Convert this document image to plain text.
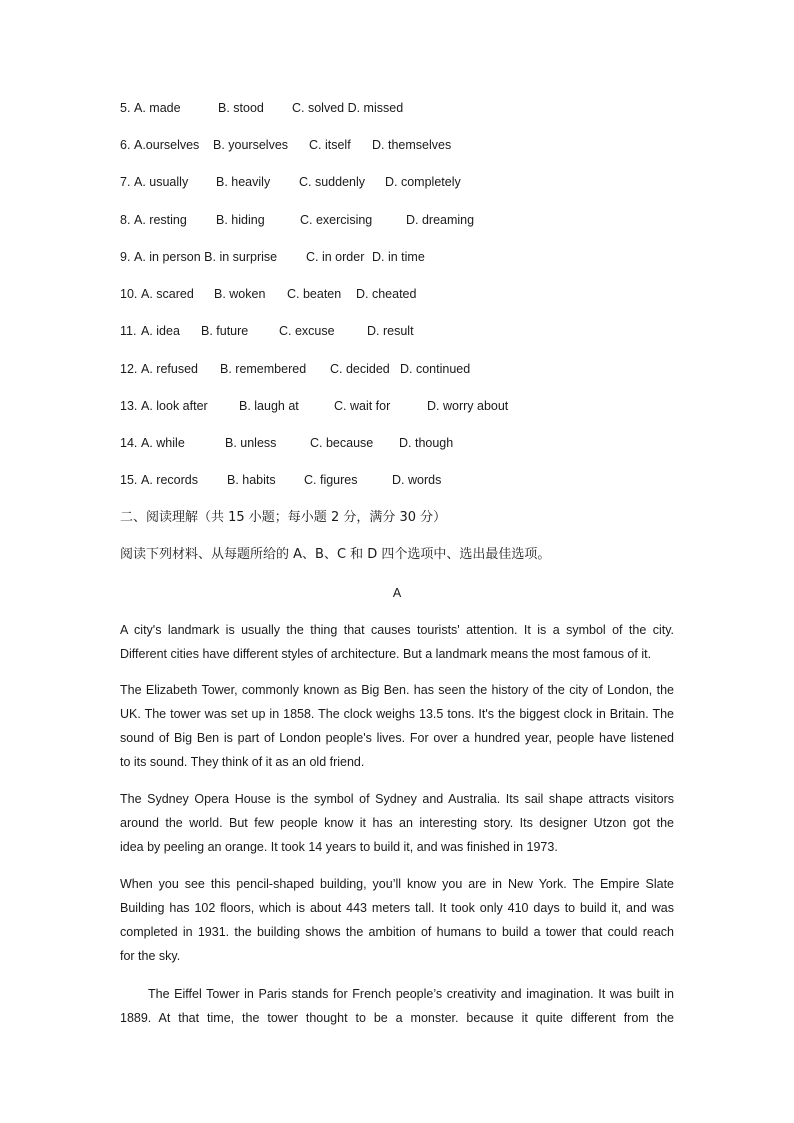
5. A. made	B. stood C. solved D. missed
6. A.ourselves B. yourselves C. itself D. themselves
7. A. usually B. heavily C. suddenly D. completely
8. A. resting B. hiding	C. exercising	D. dreaming
9. A. in person B. in surprise C. in order D. in time
10. A. scared B. woken C. beaten D. cheated
11. A. idea B. future C. excuse	D. result
12. A. refused B. remembered C. decided D. continued
13. A. look after	B. laugh at	C. wait for	D. worry about
14. A. while	B. unless	C. because D. though
15. A. records B. habits C. figures	D. words
二、阅读理解（共 15 小题；每小题 2 分，满分 30 分）
阅读下列材料、从每题所给的 A、B、C 和 D 四个选项中、选出最佳选项。
A
A city's landmark is usually the thing that causes tourists' attention. It is a symbol of the city.
Different cities have different styles of architecture. But a landmark means the most famous of it.
The Elizabeth Tower, commonly known as Big Ben. has seen the history of the city of London, the
UK. The tower was set up in 1858. The clock weighs 13.5 tons. It's the biggest clock in Britain. The
sound of Big Ben is part of London people's lives. For over a hundred year, people have listened
to its sound. They think of it as an old friend.
The Sydney Opera House is the symbol of Sydney and Australia. Its sail shape attracts visitors
around the world. But few people know it has an interesting story. Its designer Utzon got the
idea by peeling an orange. It took 14 years to build it, and was finished in 1973.
When you see this pencil-shaped building, you’ll know you are in New York. The Empire Slate
Building has 102 floors, which is about 443 meters tall. It took only 410 days to build it, and was
completed in 1931. the building shows the ambition of humans to build a tower that could reach
for the sky.
The Eiffel Tower in Paris stands for French people’s creativity and imagination. It was built in
1889. At that time, the tower thought to be a monster. because it quite different from the
